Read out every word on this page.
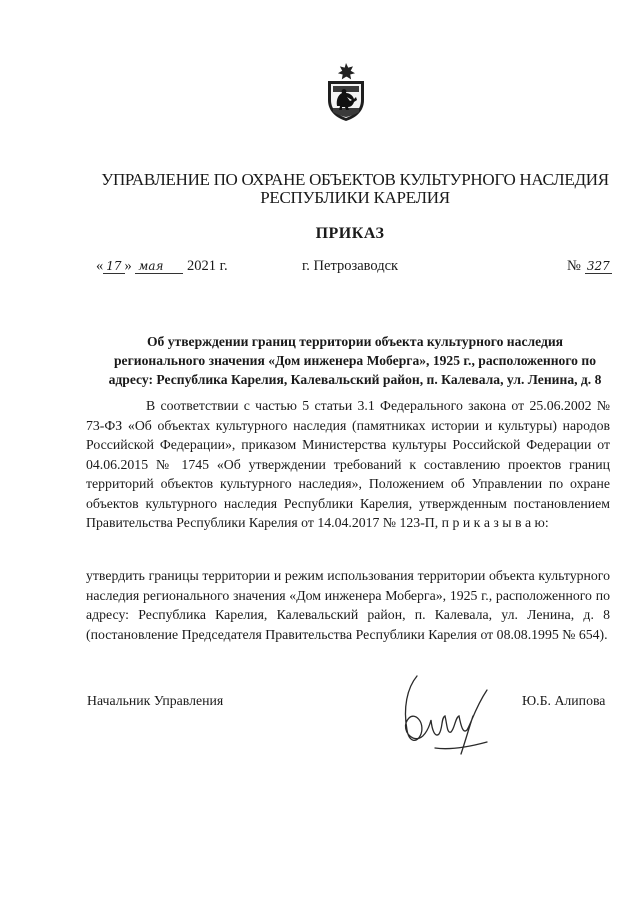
УПРАВЛЕНИЕ ПО ОХРАНЕ ОБЪЕКТОВ КУЛЬТУРНОГО НАСЛЕДИЯ
РЕСПУБЛИКИ КАРЕЛИЯ
ПРИКАЗ
« 17 » мая 2021 г.	г. Петрозаводск	№ 327
Об утверждении границ территории объекта культурного наследия
регионального значения «Дом инженера Моберга», 1925 г., расположенного по
адресу: Республика Карелия, Калевальский район, п. Калевала, ул. Ленина, д. 8
В соответствии с частью 5 статьи 3.1 Федерального закона от 25.06.2002 № 73-ФЗ «Об объектах культурного наследия (памятниках истории и культуры) народов Российской Федерации», приказом Министерства культуры Российской Федерации от 04.06.2015 № 1745 «Об утверждении требований к составлению проектов границ территорий объектов культурного наследия», Положением об Управлении по охране объектов культурного наследия Республики Карелия, утвержденным постановлением Правительства Республики Карелия от 14.04.2017 № 123-П, п р и к а з ы в а ю:
утвердить границы территории и режим использования территории объекта культурного наследия регионального значения «Дом инженера Моберга», 1925 г., расположенного по адресу: Республика Карелия, Калевальский район, п. Калевала, ул. Ленина, д. 8 (постановление Председателя Правительства Республики Карелия от 08.08.1995 № 654).
Начальник Управления	Ю.Б. Алипова
